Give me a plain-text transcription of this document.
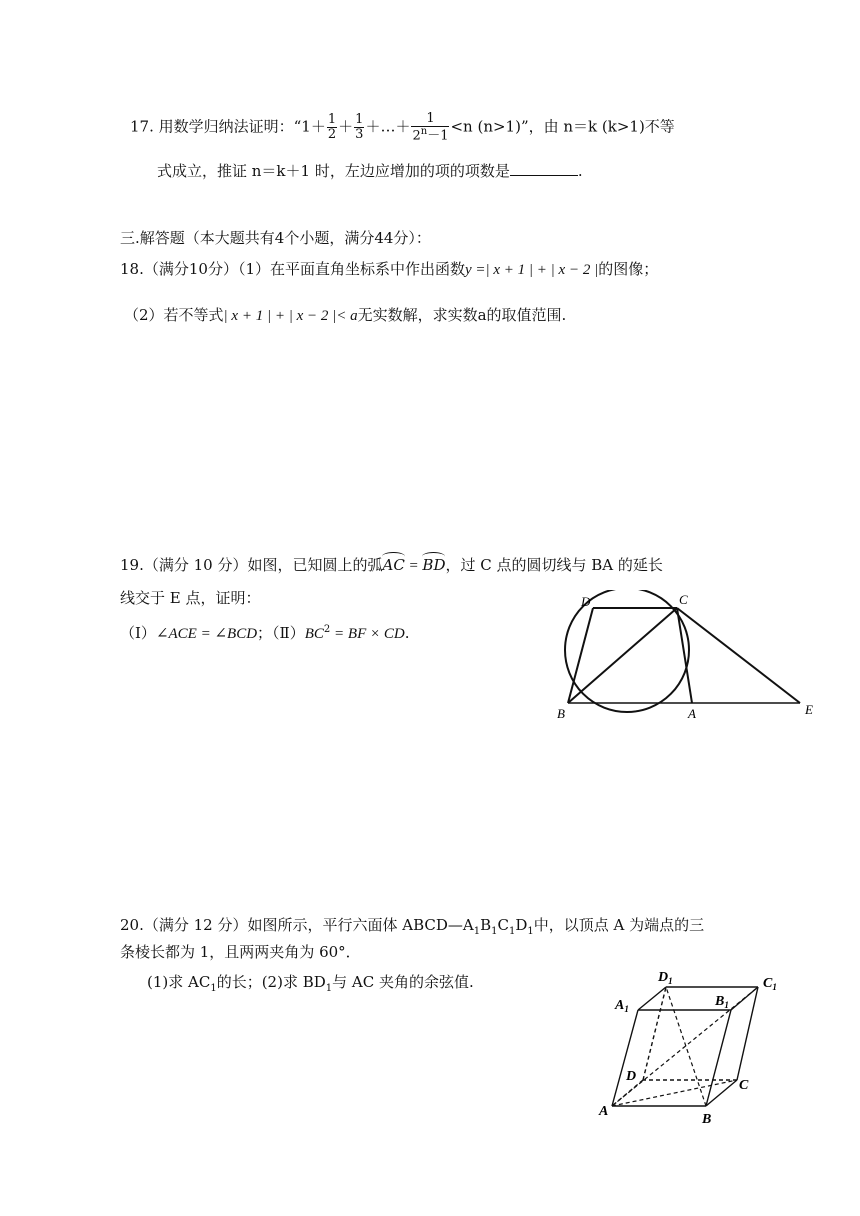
17. 用数学归纳法证明：“$1+ \frac{1}{2} + \frac{1}{3}$ ＋…＋ $\frac{1}{2^n-1} <n$ (n>1)”，由 n＝k (k>1)不等
式成立，推证 n＝k＋1 时，左边应增加的项的项数是	.
三.解答题（本大题共有4个小题，满分44分）：
18.（满分10分）（1）在平面直角坐标系中作出函数y =| x + 1 | + | x − 2 |的图像；
（2）若不等式| x + 1 | + | x − 2 |< a无实数解，求实数a的取值范围.
19.（满分 10 分）如图，已知圆上的弧AC = BD，过 C 点的圆切线与 BA 的延长
线交于 E 点，证明：
（Ⅰ）∠ACE = ∠BCD；$(Ⅱ)BC^2$ = BF × CD.
D	C
B	A	E
20.（满分 12 分）如图所示，平行六面体 $ABCD—A_1B_1C_1D_1$中，以顶点 A 为端点的三
条棱长都为 1，且两两夹角为 60°．
(1)求 $AC_1$的长；(2)求 $BD_1$与 AC 夹角的余弦值.	$D_1$	$C_1$
$A_1$	$B_1$
D
C
A
B
